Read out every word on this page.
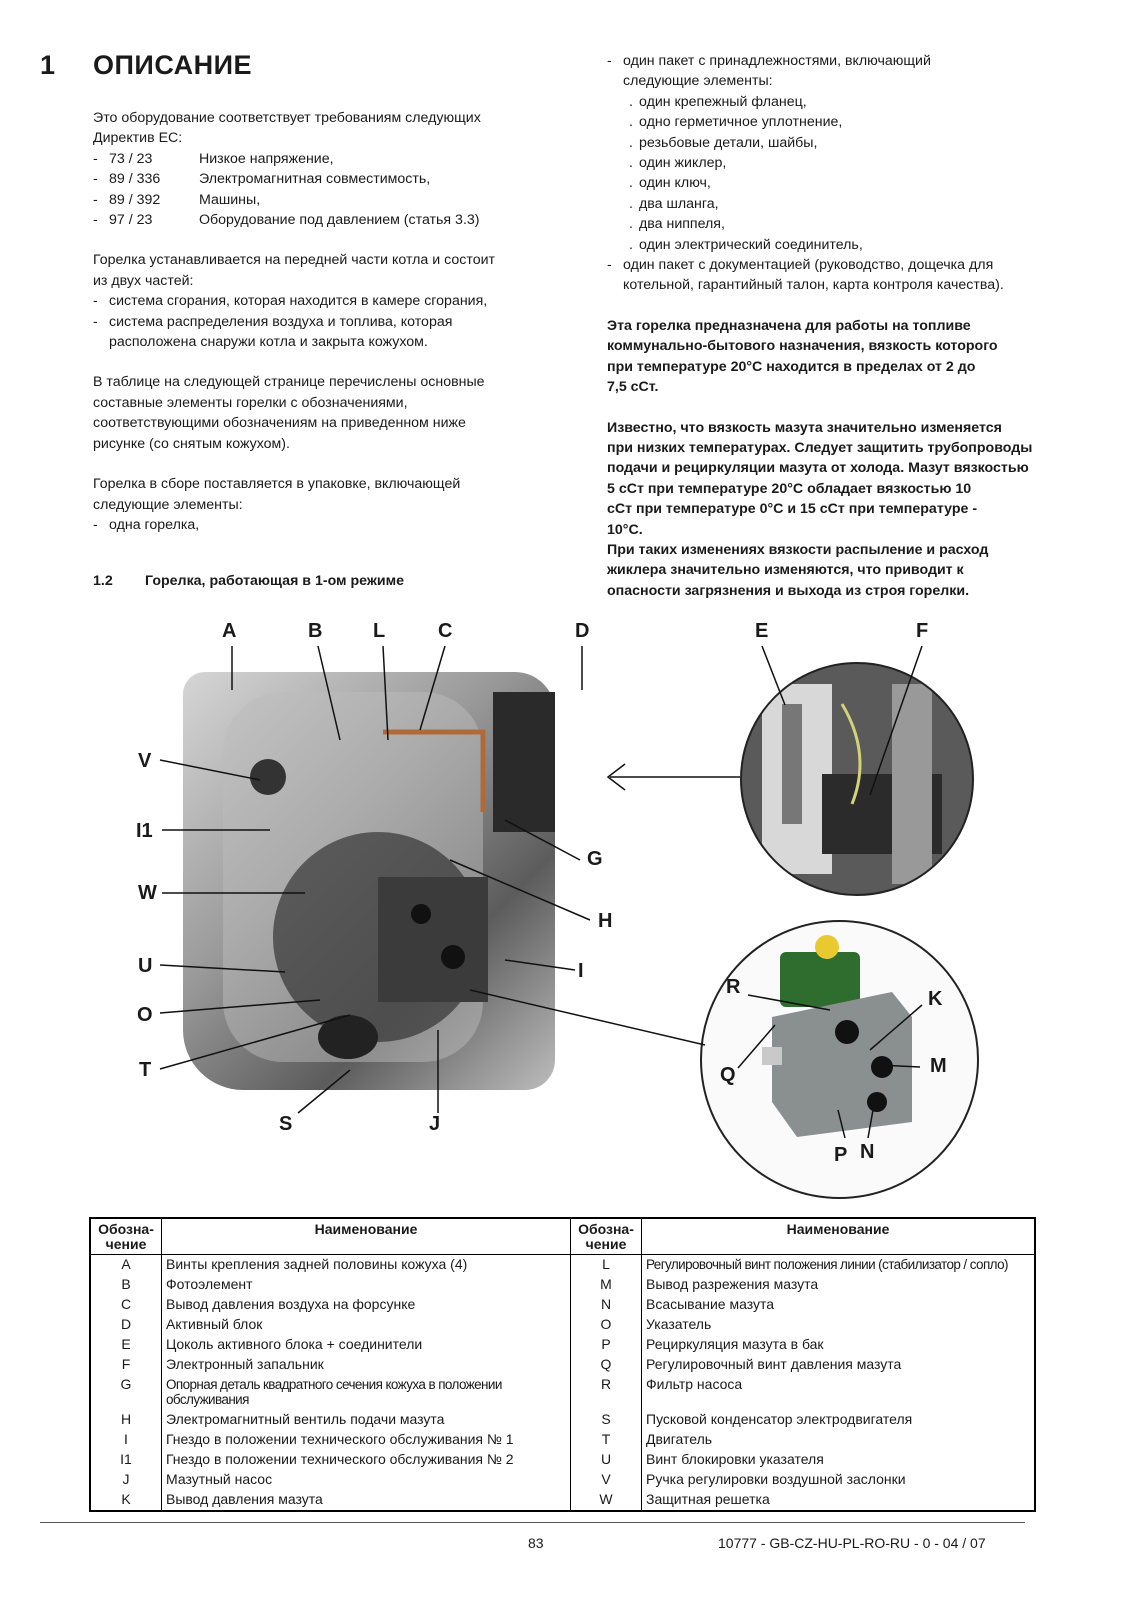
1 ОПИСАНИЕ

Это оборудование соответствует требованиям следующих

Директив ЕС:

- 73 / 23	Низкое напряжение,
- 89 / 336	Электромагнитная совместимость,
- 89 / 392	Машины,
- 97 / 23	Оборудование под давлением (статья 3.3)

Горелка устанавливается на передней части котла и состоит

из двух частей:

- система сгорания, которая находится в камере сгорания,
- система распределения воздуха и топлива, которая

расположена снаружи котла и закрыта кожухом.

В таблице на следующей странице перечислены основные

составные элементы горелки с обозначениями,

соответствующими обозначениям на приведенном ниже

рисунке (со снятым кожухом).

Горелка в сборе поставляется в упаковке, включающей

следующие элементы:

- одна горелка,
1.2 Горелка, работающая в 1-ом режиме
- один пакет с принадлежностями, включающий

следующие элементы:

. один крепежный фланец,
. одно герметичное уплотнение,
. резьбовые детали, шайбы,
. один жиклер,
. один ключ,
. два шланга,
. два ниппеля,
. один электрический соединитель,
- один пакет с документацией (руководство, дощечка для

котельной, гарантийный талон, карта контроля качества).

Эта горелка предназначена для работы на топливе

коммунально-бытового назначения, вязкость которого

при температуре 20°C находится в пределах от 2 до

7,5 сСт.

Известно, что вязкость мазута значительно изменяется

при низких температурах. Следует защитить трубопроводы

подачи и рециркуляции мазута от холода. Мазут вязкостью

5 сСт при температуре 20°C обладает вязкостью 10

сСт при температуре 0°C и 15 сСт при температуре -

10°C.

При таких изменениях вязкости распыление и расход

жиклера значительно изменяются, что приводит к

опасности загрязнения и выхода из строя горелки.

A	B	L	C	D	E	F
V
I1
W
U
O
T
S	J
G
H
I
R
K
Q	M
P N
Обозна-
чение	Наименование	Обозна-
чение	Наименование
A	Винты крепления задней половины кожуха (4)	L	Регулировочный винт положения линии (стабилизатор / сопло)
B	Фотоэлемент	M	Вывод разрежения мазута
C	Вывод давления воздуха на форсунке	N	Всасывание мазута
D	Активный блок	O	Указатель
E	Цоколь активного блока + соединители	P	Рециркуляция мазута в бак
F	Электронный запальник	Q	Регулировочный винт давления мазута
G	Опорная деталь квадратного сечения кожуха в положении обслуживания	R	Фильтр насоса
H	Электромагнитный вентиль подачи мазута	S	Пусковой конденсатор электродвигателя
I	Гнездо в положении технического обслуживания № 1	T	Двигатель
I1	Гнездо в положении технического обслуживания № 2	U	Винт блокировки указателя
J	Мазутный насос	V	Ручка регулировки воздушной заслонки
K	Вывод давления мазута	W	Защитная решетка
83	10777 - GB-CZ-HU-PL-RO-RU - 0 - 04 / 07
